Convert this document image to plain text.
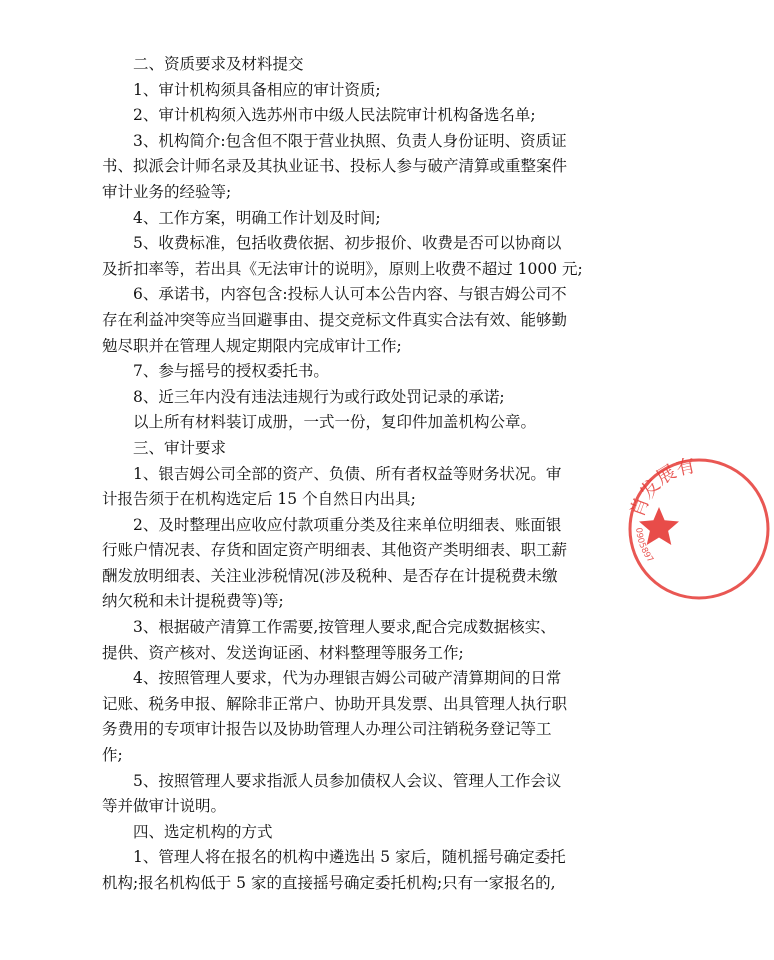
二、资质要求及材料提交
1、审计机构须具备相应的审计资质;
2、审计机构须入选苏州市中级人民法院审计机构备选名单;
3、机构简介:包含但不限于营业执照、负责人身份证明、资质证
书、拟派会计师名录及其执业证书、投标人参与破产清算或重整案件
审计业务的经验等;
4、工作方案，明确工作计划及时间;
5、收费标准，包括收费依据、初步报价、收费是否可以协商以
及折扣率等，若出具《无法审计的说明》，原则上收费不超过 1000 元;
6、承诺书，内容包含:投标人认可本公告内容、与银吉姆公司不
存在利益冲突等应当回避事由、提交竞标文件真实合法有效、能够勤
勉尽职并在管理人规定期限内完成审计工作;
7、参与摇号的授权委托书。
8、近三年内没有违法违规行为或行政处罚记录的承诺;
以上所有材料装订成册，一式一份，复印件加盖机构公章。
三、审计要求
1、银吉姆公司全部的资产、负债、所有者权益等财务状况。审
计报告须于在机构选定后 15 个自然日内出具;
2、及时整理出应收应付款项重分类及往来单位明细表、账面银
行账户情况表、存货和固定资产明细表、其他资产类明细表、职工薪
酬发放明细表、关注业涉税情况(涉及税种、是否存在计提税费未缴
纳欠税和未计提税费等)等;
3、根据破产清算工作需要,按管理人要求,配合完成数据核实、
提供、资产核对、发送询证函、材料整理等服务工作;
4、按照管理人要求，代为办理银吉姆公司破产清算期间的日常
记账、税务申报、解除非正常户、协助开具发票、出具管理人执行职
务费用的专项审计报告以及协助管理人办理公司注销税务登记等工
作;
5、按照管理人要求指派人员参加债权人会议、管理人工作会议
等并做审计说明。
四、选定机构的方式
1、管理人将在报名的机构中遴选出 5 家后，随机摇号确定委托
机构;报名机构低于 5 家的直接摇号确定委托机构;只有一家报名的,
肖发展有
0905897
